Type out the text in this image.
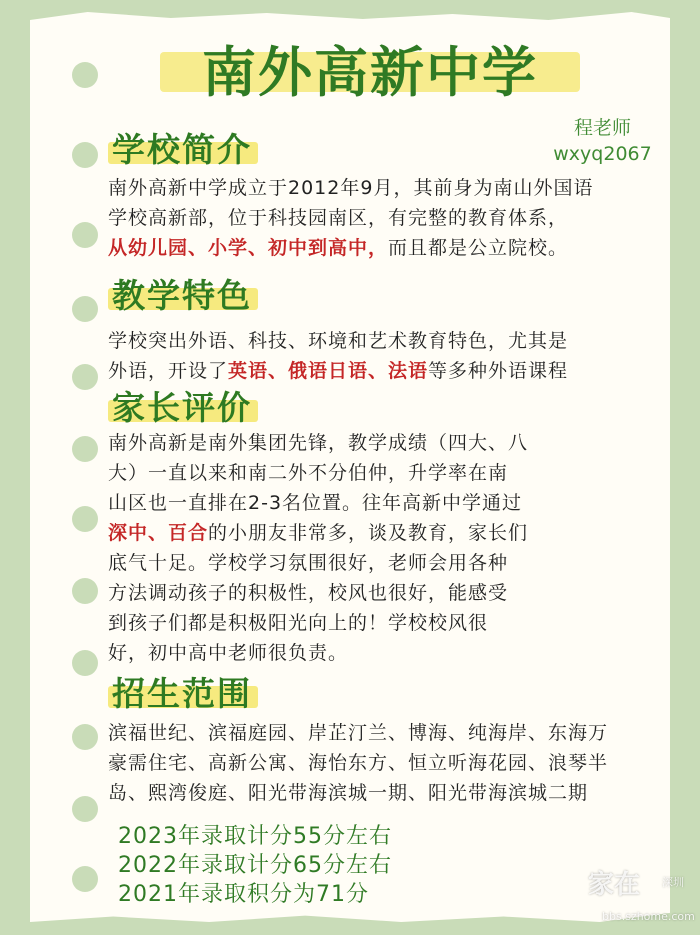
南外高新中学
程老师
wxyq2067
学校简介
南外高新中学成立于2012年9月，其前身为南山外国语
学校高新部，位于科技园南区，有完整的教育体系，
从幼儿园、小学、初中到高中，而且都是公立院校。
教学特色
学校突出外语、科技、环境和艺术教育特色，尤其是
外语，开设了英语、俄语日语、法语等多种外语课程
家长评价
南外高新是南外集团先锋，教学成绩（四大、八
大）一直以来和南二外不分伯仲，升学率在南
山区也一直排在2-3名位置。往年高新中学通过
深中、百合的小朋友非常多，谈及教育，家长们
底气十足。学校学习氛围很好，老师会用各种
方法调动孩子的积极性，校风也很好，能感受
到孩子们都是积极阳光向上的！学校校风很
好，初中高中老师很负责。
招生范围
滨福世纪、滨福庭园、岸芷汀兰、博海、纯海岸、东海万
豪需住宅、高新公寓、海怡东方、恒立听海花园、浪琴半
岛、熙湾俊庭、阳光带海滨城一期、阳光带海滨城二期
2023年录取计分55分左右
2022年录取计分65分左右
2021年录取积分为71分	家在 深圳
bbs.szhome.com
